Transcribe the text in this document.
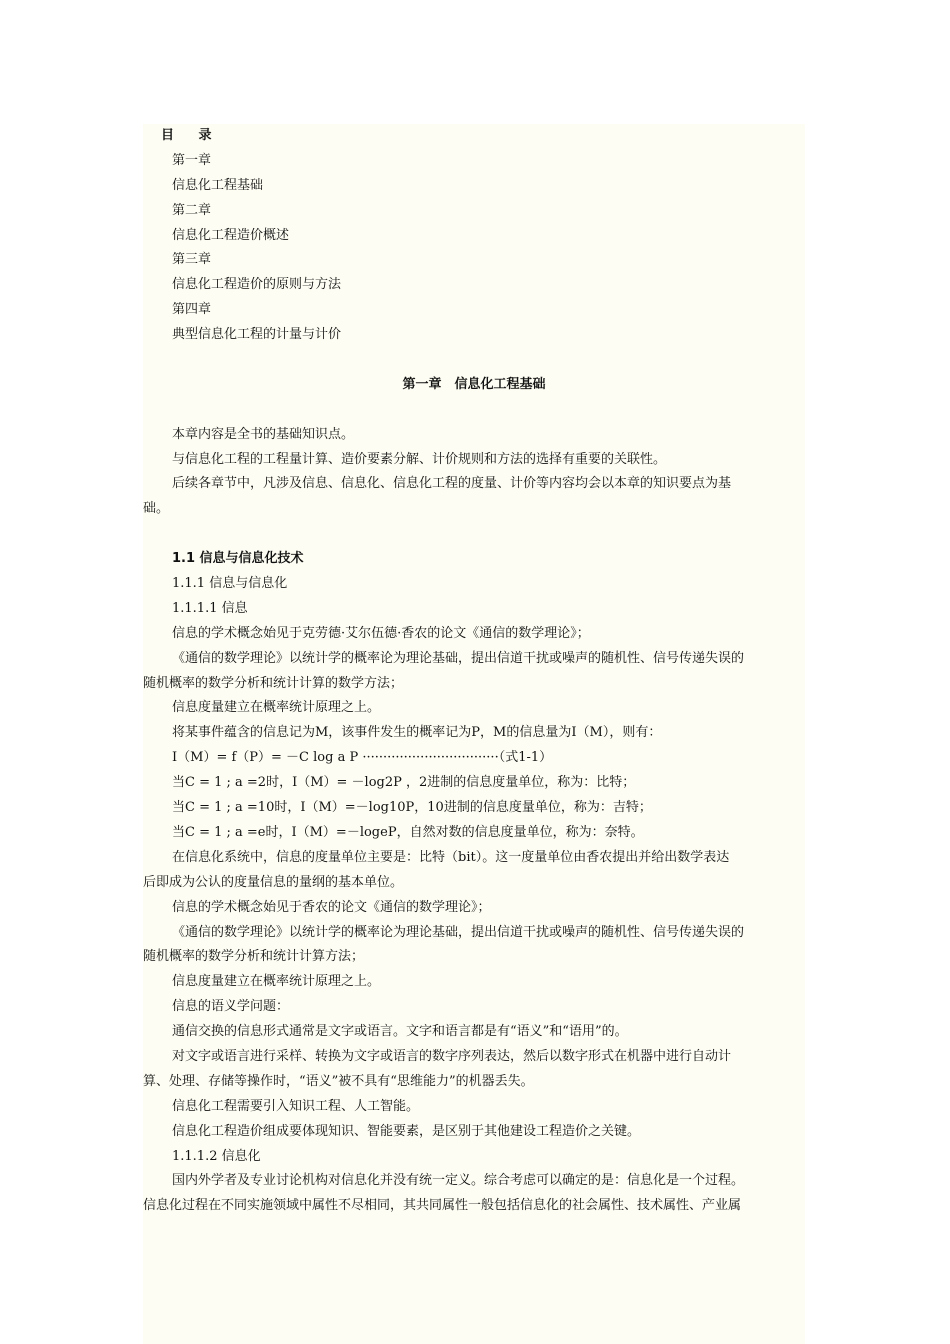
目 录
第一章
信息化工程基础
第二章
信息化工程造价概述
第三章
信息化工程造价的原则与方法
第四章
典型信息化工程的计量与计价
第一章　信息化工程基础
本章内容是全书的基础知识点。
与信息化工程的工程量计算、造价要素分解、计价规则和方法的选择有重要的关联性。
后续各章节中，凡涉及信息、信息化、信息化工程的度量、计价等内容均会以本章的知识要点为基
础。
1.1 信息与信息化技术
1.1.1 信息与信息化
1.1.1.1 信息
信息的学术概念始见于克劳德·艾尔伍德·香农的论文《通信的数学理论》；
《通信的数学理论》以统计学的概率论为理论基础，提出信道干扰或噪声的随机性、信号传递失误的
随机概率的数学分析和统计计算的数学方法；
信息度量建立在概率统计原理之上。
将某事件蕴含的信息记为M，该事件发生的概率记为P，M的信息量为I（M），则有：
I（M）= f（P）= －C log a P ·································（式1-1）
当C = 1 ; a =2时，I（M）= －log2P ，2进制的信息度量单位，称为：比特；
当C = 1 ; a =10时，I（M）=－log10P，10进制的信息度量单位，称为：吉特；
当C = 1 ; a =e时，I（M）=－logeP，自然对数的信息度量单位，称为：奈特。
在信息化系统中，信息的度量单位主要是：比特（bit）。这一度量单位由香农提出并给出数学表达
后即成为公认的度量信息的量纲的基本单位。
信息的学术概念始见于香农的论文《通信的数学理论》；
《通信的数学理论》以统计学的概率论为理论基础，提出信道干扰或噪声的随机性、信号传递失误的
随机概率的数学分析和统计计算方法；
信息度量建立在概率统计原理之上。
信息的语义学问题：
通信交换的信息形式通常是文字或语言。文字和语言都是有“语义”和“语用”的。
对文字或语言进行采样、转换为文字或语言的数字序列表达，然后以数字形式在机器中进行自动计
算、处理、存储等操作时，“语义”被不具有“思维能力”的机器丢失。
信息化工程需要引入知识工程、人工智能。
信息化工程造价组成要体现知识、智能要素，是区别于其他建设工程造价之关键。
1.1.1.2 信息化
国内外学者及专业讨论机构对信息化并没有统一定义。综合考虑可以确定的是：信息化是一个过程。
信息化过程在不同实施领域中属性不尽相同，其共同属性一般包括信息化的社会属性、技术属性、产业属
